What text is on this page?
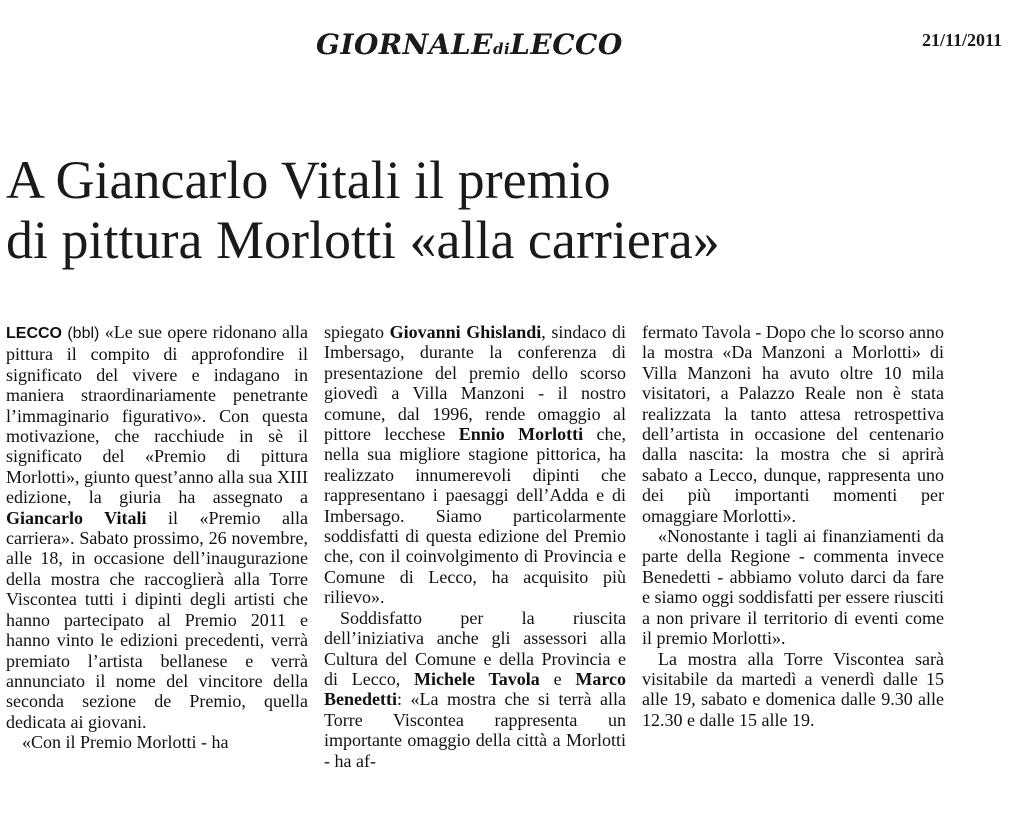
GIORNALEdiLECCO	21/11/2011
A Giancarlo Vitali il premio
di pittura Morlotti «alla carriera»

LECCO (bbl) «Le sue opere ridonano alla pittura il compito di approfondire il significato del vivere e indagano in maniera straordinariamente penetrante l’immaginario figurativo». Con questa motivazione, che racchiude in sè il significato del «Premio di pittura Morlotti», giunto quest’anno alla sua XIII edizione, la giuria ha assegnato a Giancarlo Vitali il «Premio alla carriera». Sabato prossimo, 26 novembre, alle 18, in occasione dell’inaugurazione della mostra che raccoglierà alla Torre Viscontea tutti i dipinti degli artisti che hanno partecipato al Premio 2011 e hanno vinto le edizioni precedenti, verrà premiato l’artista bellanese e verrà annunciato il nome del vincitore della seconda sezione de Premio, quella dedicata ai giovani.

«Con il Premio Morlotti - ha

spiegato Giovanni Ghislandi, sindaco di Imbersago, durante la conferenza di presentazione del premio dello scorso giovedì a Villa Manzoni - il nostro comune, dal 1996, rende omaggio al pittore lecchese Ennio Morlotti che, nella sua migliore stagione pittorica, ha realizzato innumerevoli dipinti che rappresentano i paesaggi dell’Adda e di Imbersago. Siamo particolarmente soddisfatti di questa edizione del Premio che, con il coinvolgimento di Provincia e Comune di Lecco, ha acquisito più rilievo».

Soddisfatto per la riuscita dell’iniziativa anche gli assessori alla Cultura del Comune e della Provincia e di Lecco, Michele Tavola e Marco Benedetti: «La mostra che si terrà alla Torre Viscontea rappresenta un importante omaggio della città a Morlotti - ha af-

fermato Tavola - Dopo che lo scorso anno la mostra «Da Manzoni a Morlotti» di Villa Manzoni ha avuto oltre 10 mila visitatori, a Palazzo Reale non è stata realizzata la tanto attesa retrospettiva dell’artista in occasione del centenario dalla nascita: la mostra che si aprirà sabato a Lecco, dunque, rappresenta uno dei più importanti momenti per omaggiare Morlotti».

«Nonostante i tagli ai finanziamenti da parte della Regione - commenta invece Benedetti - abbiamo voluto darci da fare e siamo oggi soddisfatti per essere riusciti a non privare il territorio di eventi come il premio Morlotti».

La mostra alla Torre Viscontea sarà visitabile da martedì a venerdì dalle 15 alle 19, sabato e domenica dalle 9.30 alle 12.30 e dalle 15 alle 19.
